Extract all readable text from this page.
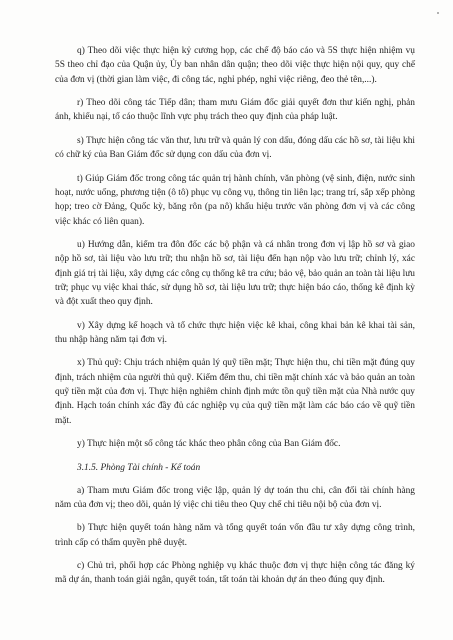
q) Theo dõi việc thực hiện kỷ cương họp, các chế độ báo cáo và 5S thực hiện nhiệm vụ 5S theo chỉ đạo của Quận ủy, Ủy ban nhân dân quận; theo dõi việc thực hiện nội quy, quy chế của đơn vị (thời gian làm việc, đi công tác, nghỉ phép, nghỉ việc riêng, đeo thẻ tên,...).

r) Theo dõi công tác Tiếp dân; tham mưu Giám đốc giải quyết đơn thư kiến nghị, phản ánh, khiếu nại, tố cáo thuộc lĩnh vực phụ trách theo quy định của pháp luật.

s) Thực hiện công tác văn thư, lưu trữ và quản lý con dấu, đóng dấu các hồ sơ, tài liệu khi có chữ ký của Ban Giám đốc sử dụng con dấu của đơn vị.

t) Giúp Giám đốc trong công tác quản trị hành chính, văn phòng (vệ sinh, điện, nước sinh hoạt, nước uống, phương tiện (ô tô) phục vụ công vụ, thông tin liên lạc; trang trí, sắp xếp phòng họp; treo cờ Đảng, Quốc kỳ, băng rôn (pa nô) khẩu hiệu trước văn phòng đơn vị và các công việc khác có liên quan).

u) Hướng dẫn, kiểm tra đôn đốc các bộ phận và cá nhân trong đơn vị lập hồ sơ và giao nộp hồ sơ, tài liệu vào lưu trữ; thu nhận hồ sơ, tài liệu đến hạn nộp vào lưu trữ; chỉnh lý, xác định giá trị tài liệu, xây dựng các công cụ thống kê tra cứu; bảo vệ, bảo quản an toàn tài liệu lưu trữ; phục vụ việc khai thác, sử dụng hồ sơ, tài liệu lưu trữ; thực hiện báo cáo, thống kê định kỳ và đột xuất theo quy định.

v) Xây dựng kế hoạch và tổ chức thực hiện việc kê khai, công khai bản kê khai tài sản, thu nhập hàng năm tại đơn vị.

x) Thủ quỹ: Chịu trách nhiệm quản lý quỹ tiền mặt; Thực hiện thu, chi tiền mặt đúng quy định, trách nhiệm của người thủ quỹ. Kiểm đếm thu, chi tiền mặt chính xác và bảo quản an toàn quỹ tiền mặt của đơn vị. Thực hiện nghiêm chỉnh định mức tồn quỹ tiền mặt của Nhà nước quy định. Hạch toán chính xác đầy đủ các nghiệp vụ của quỹ tiền mặt làm các báo cáo về quỹ tiền mặt.

y) Thực hiện một số công tác khác theo phân công của Ban Giám đốc.

3.1.5. Phòng Tài chính - Kế toán

a) Tham mưu Giám đốc trong việc lập, quản lý dự toán thu chi, cân đối tài chính hàng năm của đơn vị; theo dõi, quản lý việc chi tiêu theo Quy chế chi tiêu nội bộ của đơn vị.

b) Thực hiện quyết toán hàng năm và tổng quyết toán vốn đầu tư xây dựng công trình, trình cấp có thẩm quyền phê duyệt.

c) Chủ trì, phối hợp các Phòng nghiệp vụ khác thuộc đơn vị thực hiện công tác đăng ký mã dự án, thanh toán giải ngân, quyết toán, tất toán tài khoản dự án theo đúng quy định.
